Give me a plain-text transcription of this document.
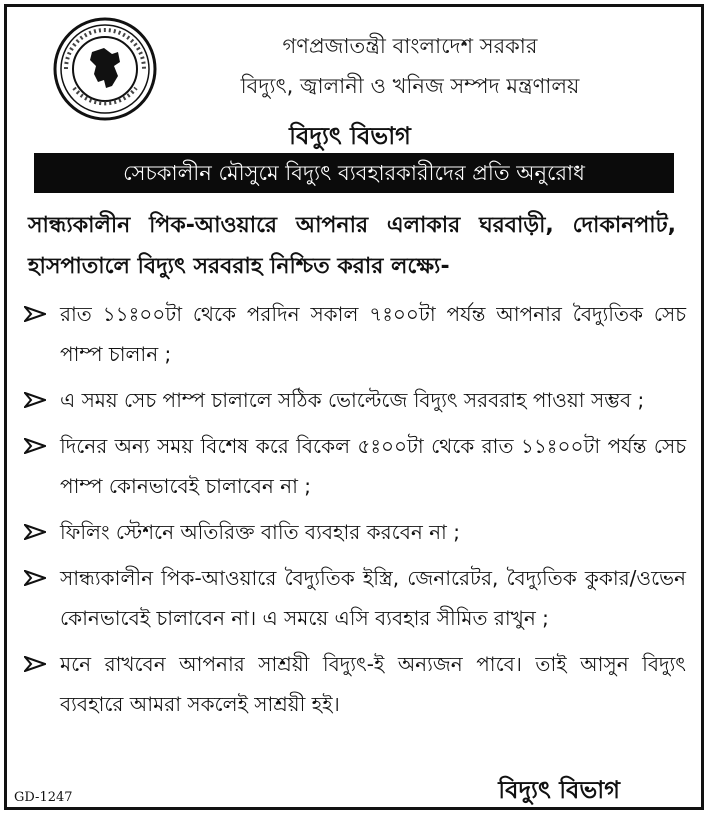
গণপ্রজাতন্ত্রী বাংলাদেশ সরকার
বিদ্যুৎ, জ্বালানী ও খনিজ সম্পদ মন্ত্রণালয়
বিদ্যুৎ বিভাগ
সেচকালীন মৌসুমে বিদ্যুৎ ব্যবহারকারীদের প্রতি অনুরোধ
সান্ধ্যকালীন পিক-আওয়ারে আপনার এলাকার ঘরবাড়ী, দোকানপাট, হাসপাতালে বিদ্যুৎ সরবরাহ নিশ্চিত করার লক্ষ্যে-
রাত ১১ঃ০০টা থেকে পরদিন সকাল ৭ঃ০০টা পর্যন্ত আপনার বৈদ্যুতিক সেচ পাম্প চালান ;
এ সময় সেচ পাম্প চালালে সঠিক ভোল্টেজে বিদ্যুৎ সরবরাহ পাওয়া সম্ভব ;
দিনের অন্য সময় বিশেষ করে বিকেল ৫ঃ০০টা থেকে রাত ১১ঃ০০টা পর্যন্ত সেচ পাম্প কোনভাবেই চালাবেন না ;
ফিলিং স্টেশনে অতিরিক্ত বাতি ব্যবহার করবেন না ;
সান্ধ্যকালীন পিক-আওয়ারে বৈদ্যুতিক ইস্ত্রি, জেনারেটর, বৈদ্যুতিক কুকার/ওভেন কোনভাবেই চালাবেন না। এ সময়ে এসি ব্যবহার সীমিত রাখুন ;
মনে রাখবেন আপনার সাশ্রয়ী বিদ্যুৎ-ই অন্যজন পাবে। তাই আসুন বিদ্যুৎ ব্যবহারে আমরা সকলেই সাশ্রয়ী হই।
GD-1247	বিদ্যুৎ বিভাগ
